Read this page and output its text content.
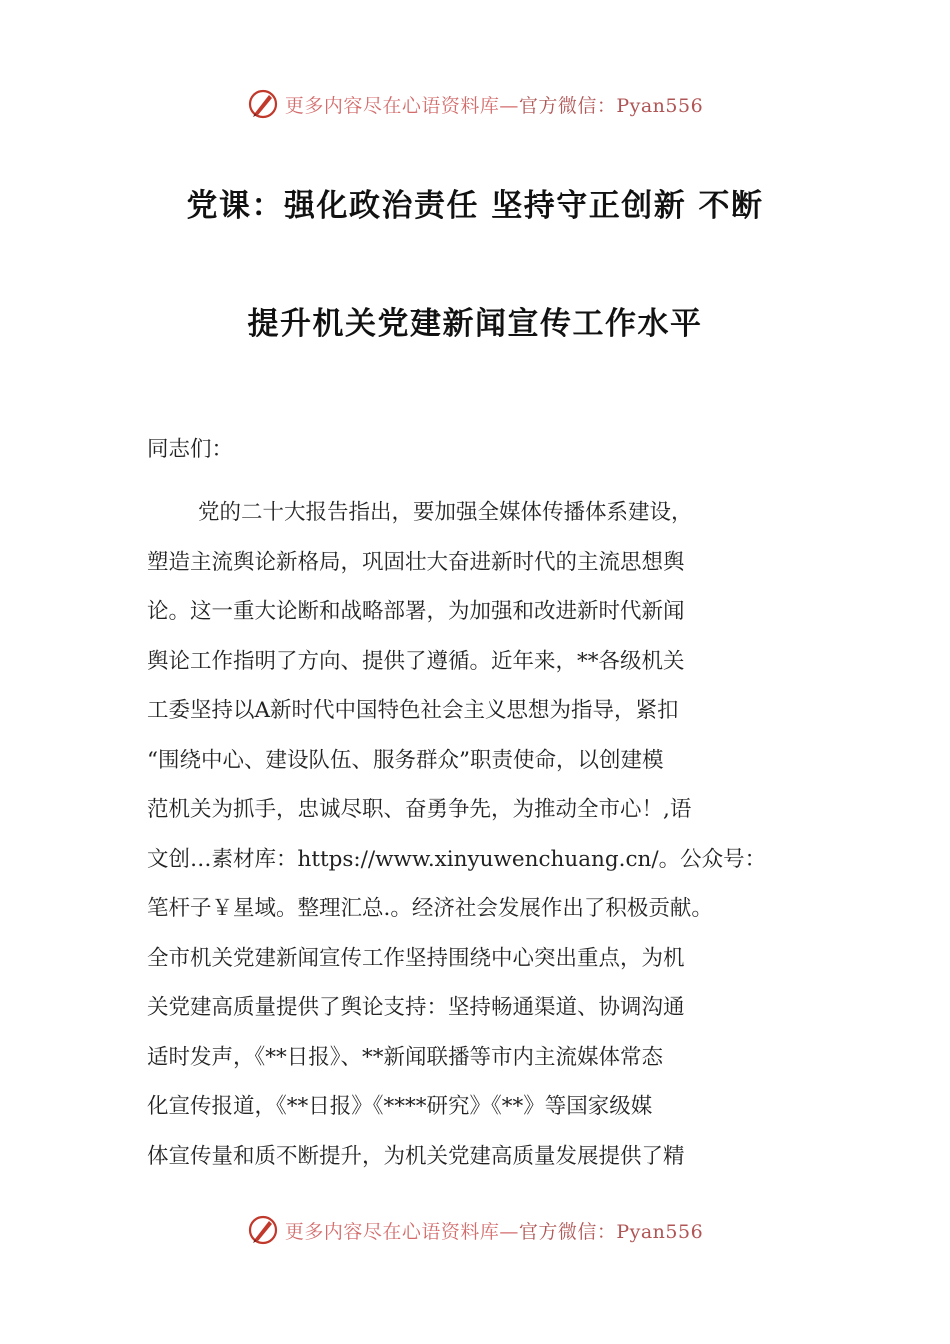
更多内容尽在心语资料库—官方微信：Pyan556
党课：强化政治责任 坚持守正创新 不断
提升机关党建新闻宣传工作水平
同志们：
党的二十大报告指出，要加强全媒体传播体系建设，
塑造主流舆论新格局，巩固壮大奋进新时代的主流思想舆
论。这一重大论断和战略部署，为加强和改进新时代新闻
舆论工作指明了方向、提供了遵循。近年来，**各级机关
工委坚持以A新时代中国特色社会主义思想为指导，紧扣
“围绕中心、建设队伍、服务群众”职责使命，以创建模
范机关为抓手，忠诚尽职、奋勇争先，为推动全市心！,语
文创…素材库：https://www.xinyuwenchuang.cn/。公众号：
笔杆子￥星域。整理汇总.。经济社会发展作出了积极贡献。
全市机关党建新闻宣传工作坚持围绕中心突出重点，为机
关党建高质量提供了舆论支持：坚持畅通渠道、协调沟通
适时发声，《**日报》、**新闻联播等市内主流媒体常态
化宣传报道，《**日报》《****研究》《**》等国家级媒
体宣传量和质不断提升，为机关党建高质量发展提供了精
更多内容尽在心语资料库—官方微信：Pyan556
